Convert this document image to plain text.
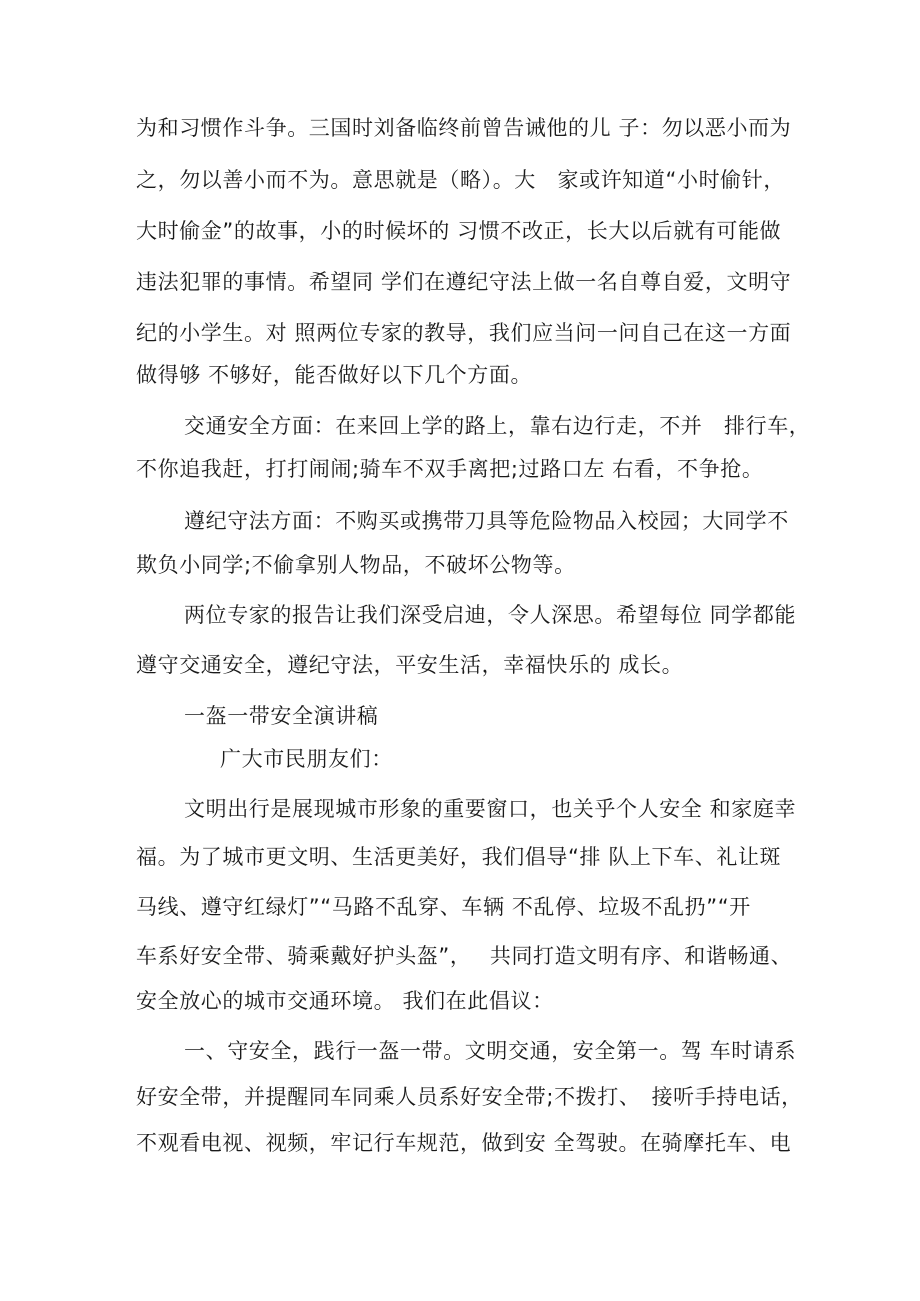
为和习惯作斗争。三国时刘备临终前曾告诫他的儿 子：勿以恶小而为
之，勿以善小而不为。意思就是（略）。大　家或许知道“小时偷针，
大时偷金”的故事，小的时候坏的 习惯不改正，长大以后就有可能做
违法犯罪的事情。希望同 学们在遵纪守法上做一名自尊自爱，文明守
纪的小学生。对 照两位专家的教导，我们应当问一问自己在这一方面
做得够 不够好，能否做好以下几个方面。
交通安全方面：在来回上学的路上，靠右边行走，不并　排行车，
不你追我赶，打打闹闹;骑车不双手离把;过路口左 右看，不争抢。
遵纪守法方面：不购买或携带刀具等危险物品入校园；大同学不
欺负小同学;不偷拿别人物品，不破坏公物等。
两位专家的报告让我们深受启迪，令人深思。希望每位 同学都能
遵守交通安全，遵纪守法，平安生活，幸福快乐的 成长。
一盔一带安全演讲稿
广大市民朋友们：
文明出行是展现城市形象的重要窗口，也关乎个人安全 和家庭幸
福。为了城市更文明、生活更美好，我们倡导“排 队上下车、礼让斑
马线、遵守红绿灯”“马路不乱穿、车辆 不乱停、垃圾不乱扔”“开
车系好安全带、骑乘戴好护头盔”，　 共同打造文明有序、和谐畅通、
安全放心的城市交通环境。 我们在此倡议：
一、守安全，践行一盔一带。文明交通，安全第一。驾 车时请系
好安全带，并提醒同车同乘人员系好安全带;不拨打、　接听手持电话，
不观看电视、视频，牢记行车规范，做到安 全驾驶。在骑摩托车、电
